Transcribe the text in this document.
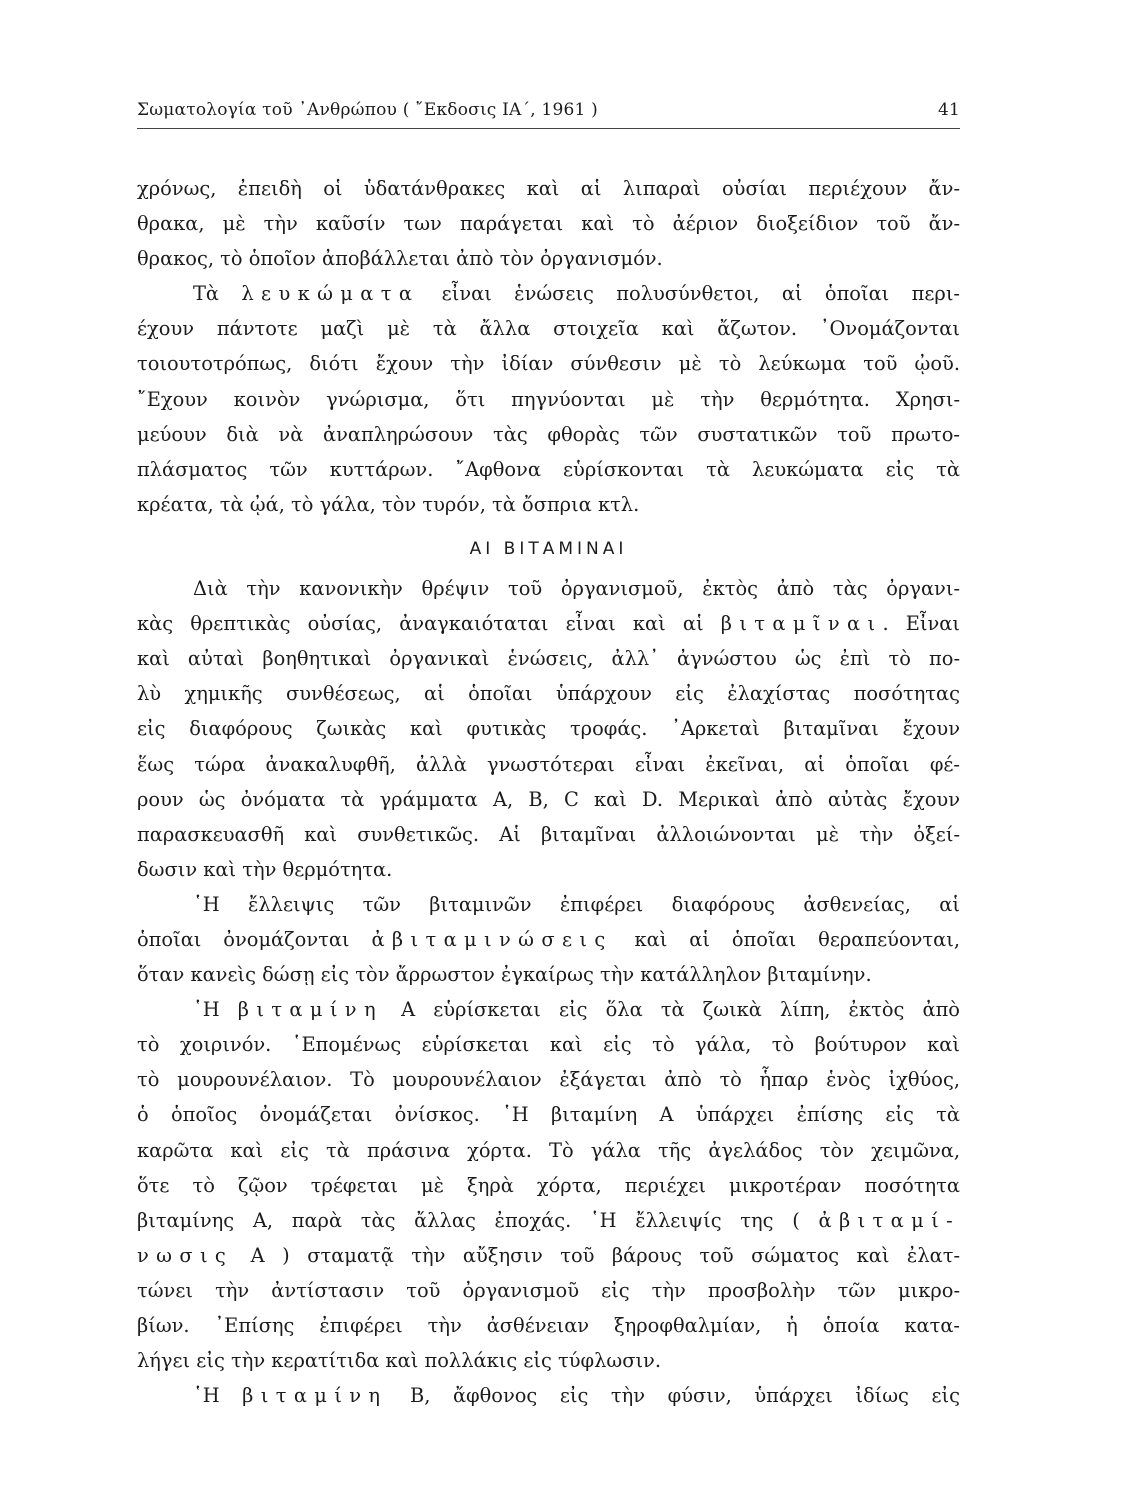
Σωματολογία τοῦ ᾿Ανθρώπου ( ῎Εκδοσις ΙΑ΄, 1961 )	41

χρόνως, ἐπειδὴ οἱ ὑδατάνθρακες καὶ αἱ λιπαραὶ οὐσίαι περιέχουν ἄν-
θρακα, μὲ τὴν καῦσίν των παράγεται καὶ τὸ ἀέριον διοξείδιον τοῦ ἄν-
θρακος, τὸ ὁποῖον ἀποβάλλεται ἀπὸ τὸν ὀργανισμόν.

Τὰ λευκώματα εἶναι ἑνώσεις πολυσύνθετοι, αἱ ὁποῖαι περι-
έχουν πάντοτε μαζὶ μὲ τὰ ἄλλα στοιχεῖα καὶ ἄζωτον. ᾿Ονομάζονται
τοιουτοτρόπως, διότι ἔχουν τὴν ἰδίαν σύνθεσιν μὲ τὸ λεύκωμα τοῦ ᾠοῦ.
῎Εχουν κοινὸν γνώρισμα, ὅτι πηγνύονται μὲ τὴν θερμότητα. Χρησι-
μεύουν διὰ νὰ ἀναπληρώσουν τὰς φθορὰς τῶν συστατικῶν τοῦ πρωτο-
πλάσματος τῶν κυττάρων. ῎Αφθονα εὑρίσκονται τὰ λευκώματα εἰς τὰ
κρέατα, τὰ ᾠά, τὸ γάλα, τὸν τυρόν, τὰ ὄσπρια κτλ.

ΑΙ ΒΙΤΑΜΙΝΑΙ

Διὰ τὴν κανονικὴν θρέψιν τοῦ ὀργανισμοῦ, ἐκτὸς ἀπὸ τὰς ὀργανι-
κὰς θρεπτικὰς οὐσίας, ἀναγκαιόταται εἶναι καὶ αἱ βιταμῖναι. Εἶναι
καὶ αὐταὶ βοηθητικαὶ ὀργανικαὶ ἑνώσεις, ἀλλ᾿ ἀγνώστου ὡς ἐπὶ τὸ πο-
λὺ χημικῆς συνθέσεως, αἱ ὁποῖαι ὑπάρχουν εἰς ἐλαχίστας ποσότητας
εἰς διαφόρους ζωικὰς καὶ φυτικὰς τροφάς. ᾿Αρκεταὶ βιταμῖναι ἔχουν
ἕως τώρα ἀνακαλυφθῆ, ἀλλὰ γνωστότεραι εἶναι ἐκεῖναι, αἱ ὁποῖαι φέ-
ρουν ὡς ὀνόματα τὰ γράμματα A, B, C καὶ D. Μερικαὶ ἀπὸ αὐτὰς ἔχουν
παρασκευασθῆ καὶ συνθετικῶς. Αἱ βιταμῖναι ἀλλοιώνονται μὲ τὴν ὀξεί-
δωσιν καὶ τὴν θερμότητα.

῾Η ἔλλειψις τῶν βιταμινῶν ἐπιφέρει διαφόρους ἀσθενείας, αἱ
ὁποῖαι ὀνομάζονται ἀβιταμινώσεις καὶ αἱ ὁποῖαι θεραπεύονται,
ὅταν κανεὶς δώσῃ εἰς τὸν ἄρρωστον ἐγκαίρως τὴν κατάλληλον βιταμίνην.

῾Η βιταμίνη Α εὑρίσκεται εἰς ὅλα τὰ ζωικὰ λίπη, ἐκτὸς ἀπὸ
τὸ χοιρινόν. ῾Επομένως εὑρίσκεται καὶ εἰς τὸ γάλα, τὸ βούτυρον καὶ
τὸ μουρουνέλαιον. Τὸ μουρουνέλαιον ἐξάγεται ἀπὸ τὸ ἧπαρ ἑνὸς ἰχθύος,
ὁ ὁποῖος ὀνομάζεται ὀνίσκος. ῾Η βιταμίνη Α ὑπάρχει ἐπίσης εἰς τὰ
καρῶτα καὶ εἰς τὰ πράσινα χόρτα. Τὸ γάλα τῆς ἀγελάδος τὸν χειμῶνα,
ὅτε τὸ ζῷον τρέφεται μὲ ξηρὰ χόρτα, περιέχει μικροτέραν ποσότητα
βιταμίνης Α, παρὰ τὰς ἄλλας ἐποχάς. ῾Η ἔλλειψίς της ( ἀβιταμί-
νωσις Α ) σταματᾷ τὴν αὔξησιν τοῦ βάρους τοῦ σώματος καὶ ἐλατ-
τώνει τὴν ἀντίστασιν τοῦ ὀργανισμοῦ εἰς τὴν προσβολὴν τῶν μικρο-
βίων. ᾿Επίσης ἐπιφέρει τὴν ἀσθένειαν ξηροφθαλμίαν, ἡ ὁποία κατα-
λήγει εἰς τὴν κερατίτιδα καὶ πολλάκις εἰς τύφλωσιν.

῾Η βιταμίνη B, ἄφθονος εἰς τὴν φύσιν, ὑπάρχει ἰδίως εἰς
